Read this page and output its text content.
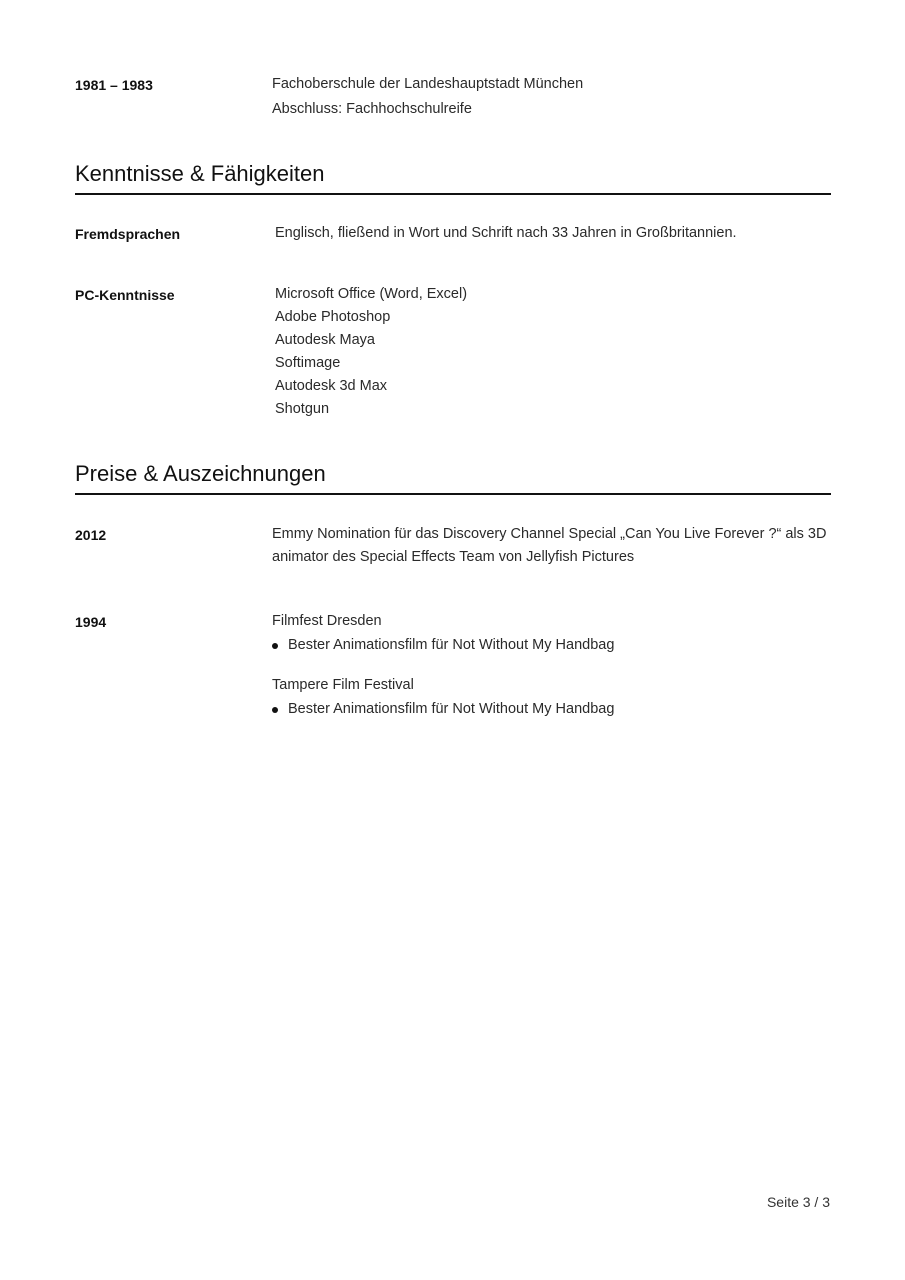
1981 – 1983	Fachoberschule der Landeshauptstadt München
Abschluss: Fachhochschulreife
Kenntnisse & Fähigkeiten
Fremdsprachen	Englisch, fließend in Wort und Schrift nach 33 Jahren in Großbritannien.
PC-Kenntnisse	Microsoft Office (Word, Excel)
Adobe Photoshop
Autodesk Maya
Softimage
Autodesk 3d Max
Shotgun
Preise & Auszeichnungen
2012	Emmy Nomination für das Discovery Channel Special „Can You Live Forever ?“ als 3D
animator des Special Effects Team von Jellyfish Pictures
1994	Filmfest Dresden
Bester Animationsfilm für Not Without My Handbag
Tampere Film Festival
Bester Animationsfilm für Not Without My Handbag
Seite 3 / 3
